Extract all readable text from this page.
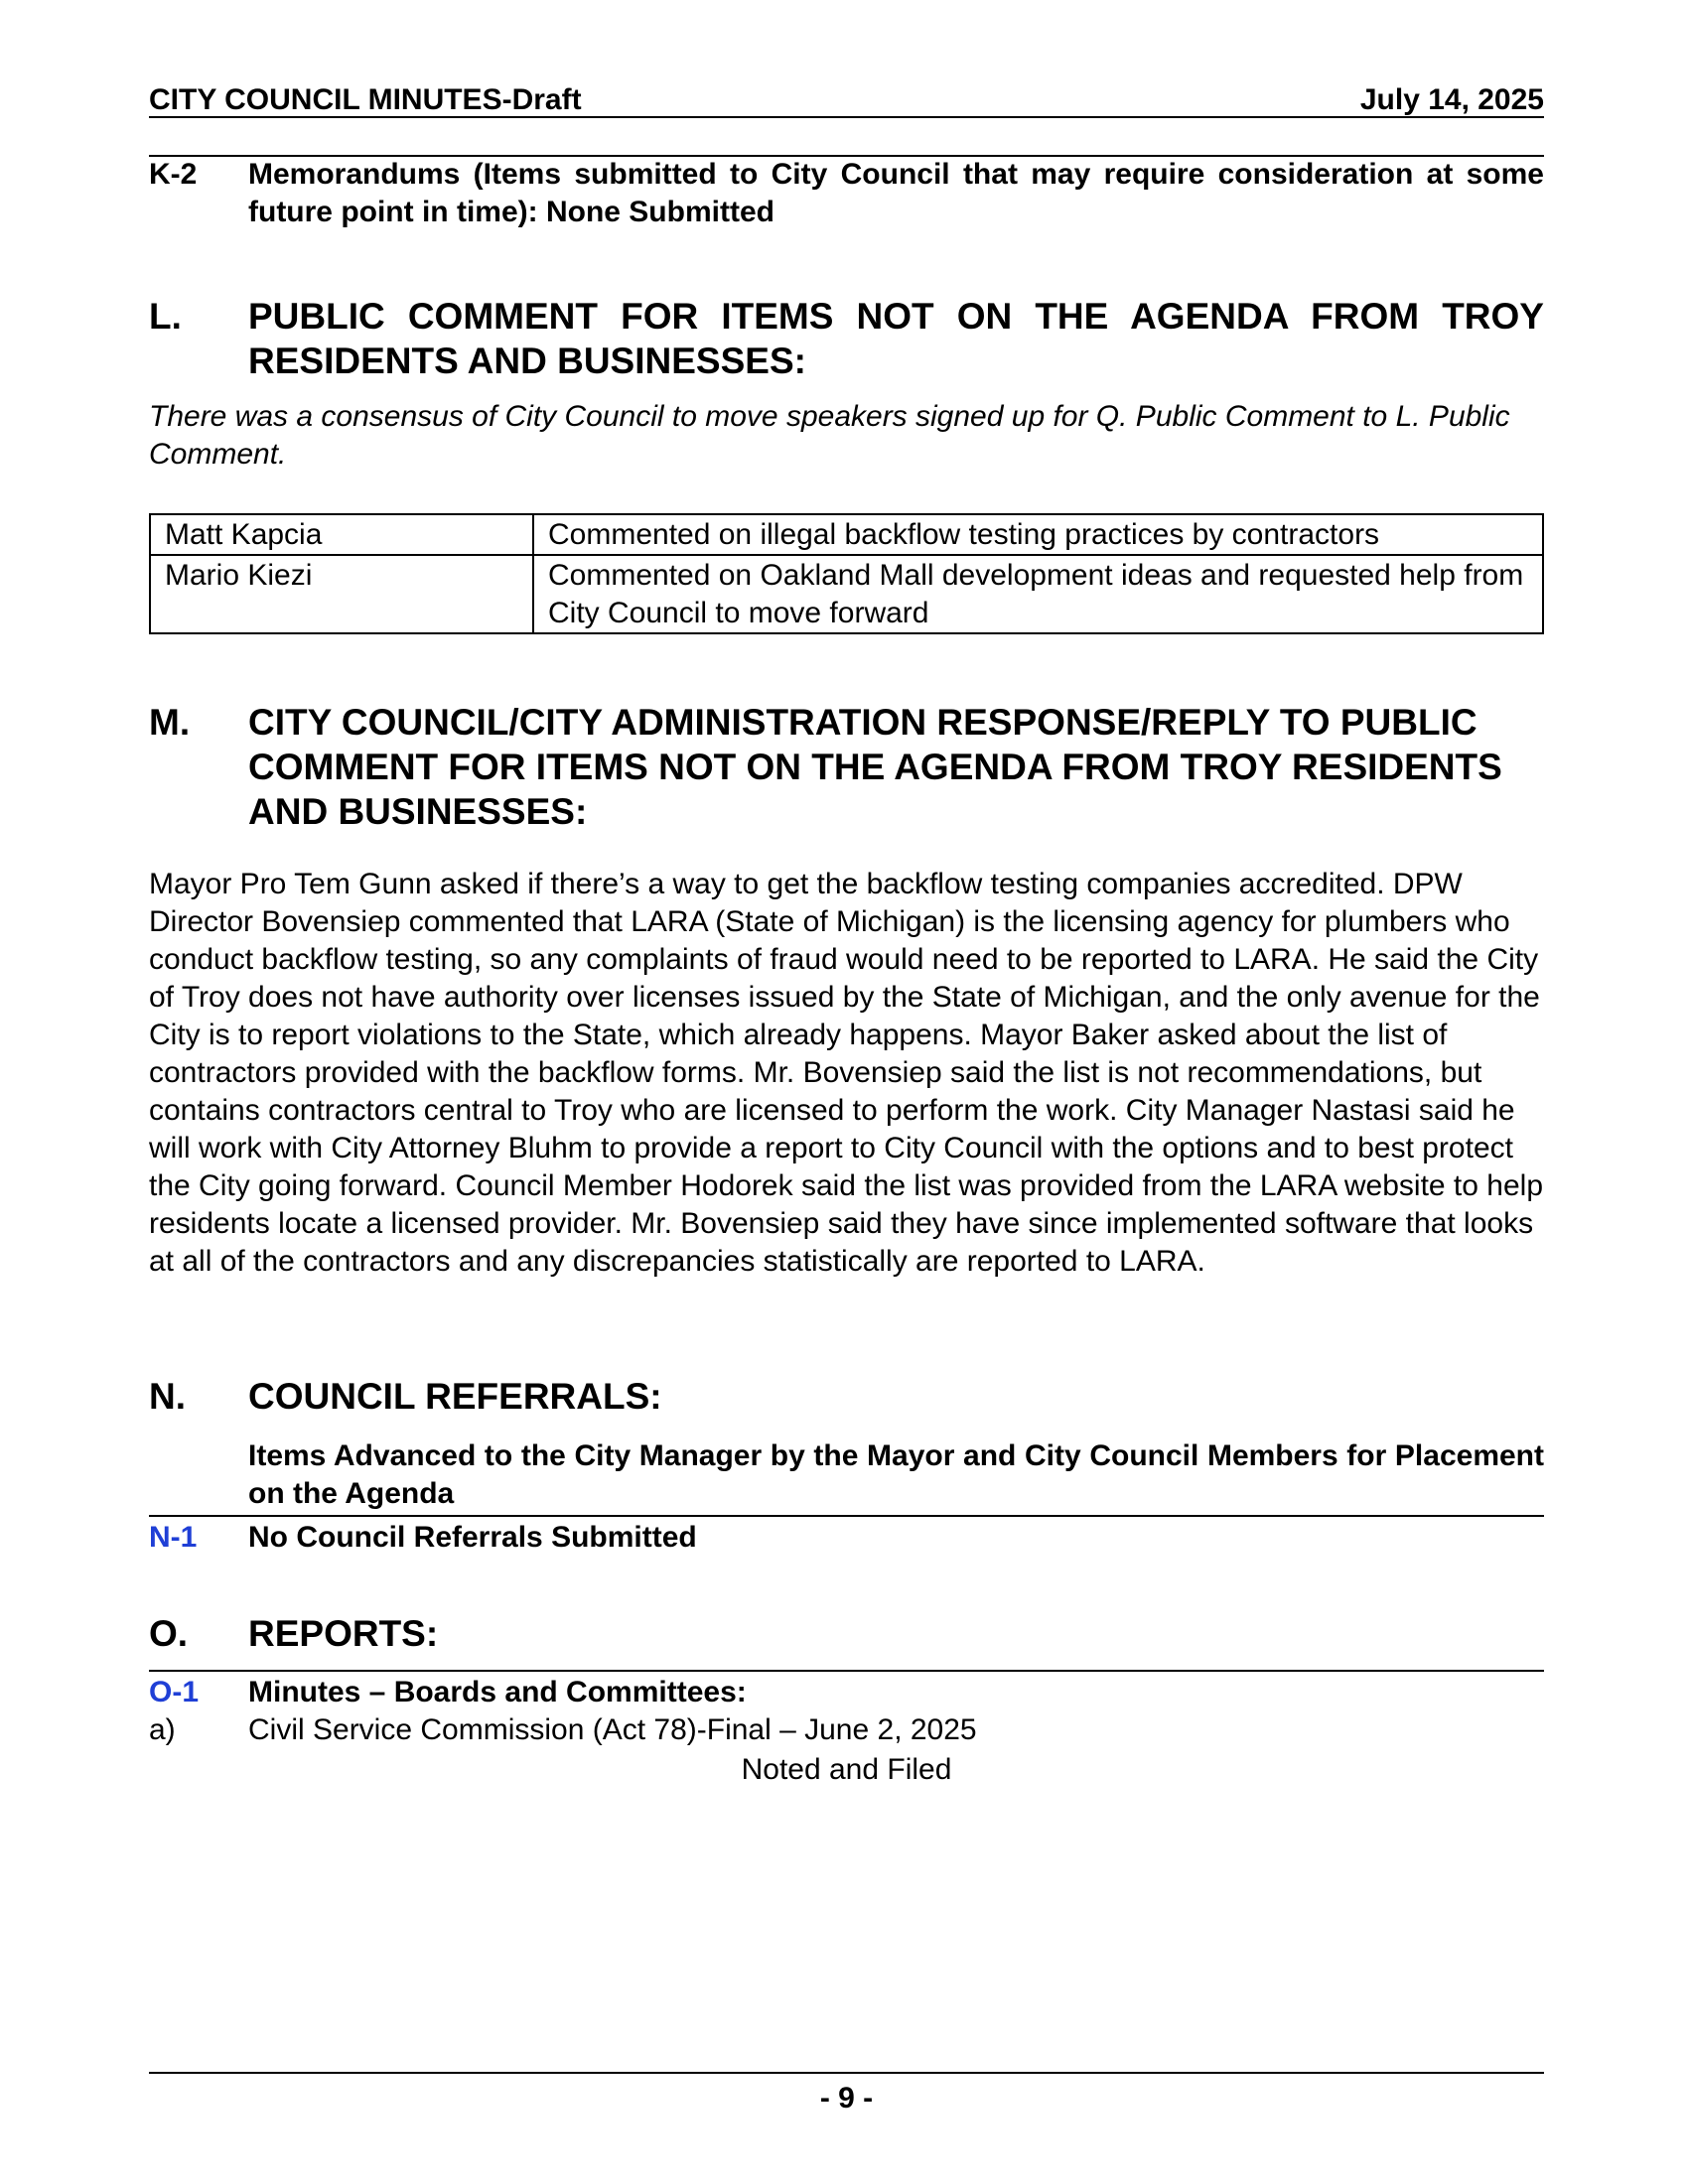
CITY COUNCIL MINUTES-Draft	July 14, 2025
K-2	Memorandums (Items submitted to City Council that may require consideration at some future point in time): None Submitted
L.	PUBLIC COMMENT FOR ITEMS NOT ON THE AGENDA FROM TROY RESIDENTS AND BUSINESSES:
There was a consensus of City Council to move speakers signed up for Q. Public Comment to L. Public Comment.
Matt Kapcia	Commented on illegal backflow testing practices by contractors
Mario Kiezi	Commented on Oakland Mall development ideas and requested help from City Council to move forward
M.	CITY COUNCIL/CITY ADMINISTRATION RESPONSE/REPLY TO PUBLIC COMMENT FOR ITEMS NOT ON THE AGENDA FROM TROY RESIDENTS AND BUSINESSES:
Mayor Pro Tem Gunn asked if there’s a way to get the backflow testing companies accredited. DPW Director Bovensiep commented that LARA (State of Michigan) is the licensing agency for plumbers who conduct backflow testing, so any complaints of fraud would need to be reported to LARA. He said the City of Troy does not have authority over licenses issued by the State of Michigan, and the only avenue for the City is to report violations to the State, which already happens. Mayor Baker asked about the list of contractors provided with the backflow forms. Mr. Bovensiep said the list is not recommendations, but contains contractors central to Troy who are licensed to perform the work. City Manager Nastasi said he will work with City Attorney Bluhm to provide a report to City Council with the options and to best protect the City going forward. Council Member Hodorek said the list was provided from the LARA website to help residents locate a licensed provider. Mr. Bovensiep said they have since implemented software that looks at all of the contractors and any discrepancies statistically are reported to LARA.
N.	COUNCIL REFERRALS:
Items Advanced to the City Manager by the Mayor and City Council Members for Placement on the Agenda
N-1	No Council Referrals Submitted
O.	REPORTS:
O-1	Minutes – Boards and Committees:
a)	Civil Service Commission (Act 78)-Final – June 2, 2025
Noted and Filed
- 9 -
